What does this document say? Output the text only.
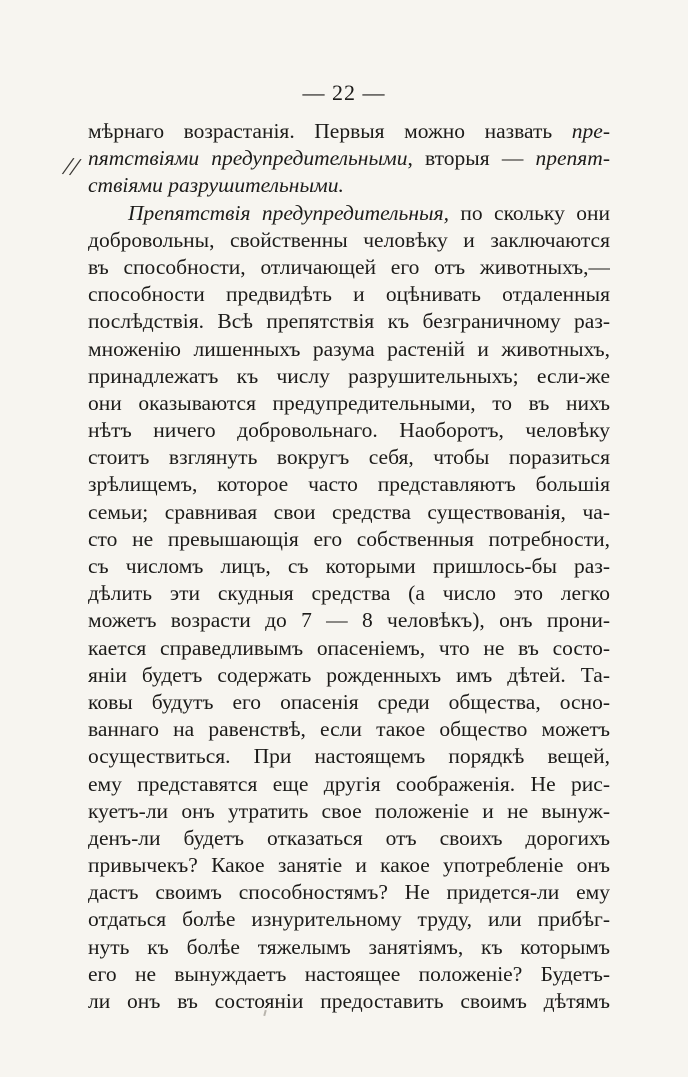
— 22 —
//
мѣрнаго возрастанія. Первыя можно назвать пре-
пятствіями предупредительными, вторыя — препят-
ствіями разрушительными.
Препятствія предупредительныя, по скольку они
добровольны, свойственны человѣку и заключаются
въ способности, отличающей его отъ животныхъ,—
способности предвидѣть и оцѣнивать отдаленныя
послѣдствія. Всѣ препятствія къ безграничному раз-
множенію лишенныхъ разума растеній и животныхъ,
принадлежатъ къ числу разрушительныхъ; если-же
они оказываются предупредительными, то въ нихъ
нѣтъ ничего добровольнаго. Наоборотъ, человѣку
стоитъ взглянуть вокругъ себя, чтобы поразиться
зрѣлищемъ, которое часто представляютъ большія
семьи; сравнивая свои средства существованія, ча-
сто не превышающія его собственныя потребности,
съ числомъ лицъ, съ которыми пришлось-бы раз-
дѣлить эти скудныя средства (а число это легко
можетъ возрасти до 7 — 8 человѣкъ), онъ прони-
кается справедливымъ опасеніемъ, что не въ состо-
яніи будетъ содержать рожденныхъ имъ дѣтей. Та-
ковы будутъ его опасенія среди общества, осно-
ваннаго на равенствѣ, если такое общество можетъ
осуществиться. При настоящемъ порядкѣ вещей,
ему представятся еще другія соображенія. Не рис-
куетъ-ли онъ утратить свое положеніе и не вынуж-
денъ-ли будетъ отказаться отъ своихъ дорогихъ
привычекъ? Какое занятіе и какое употребленіе онъ
дастъ своимъ способностямъ? Не придется-ли ему
отдаться болѣе изнурительному труду, или прибѣг-
нуть къ болѣе тяжелымъ занятіямъ, къ которымъ
его не вынуждаетъ настоящее положеніе? Будетъ-
ли онъ въ состояніи предоставить своимъ дѣтямъ
